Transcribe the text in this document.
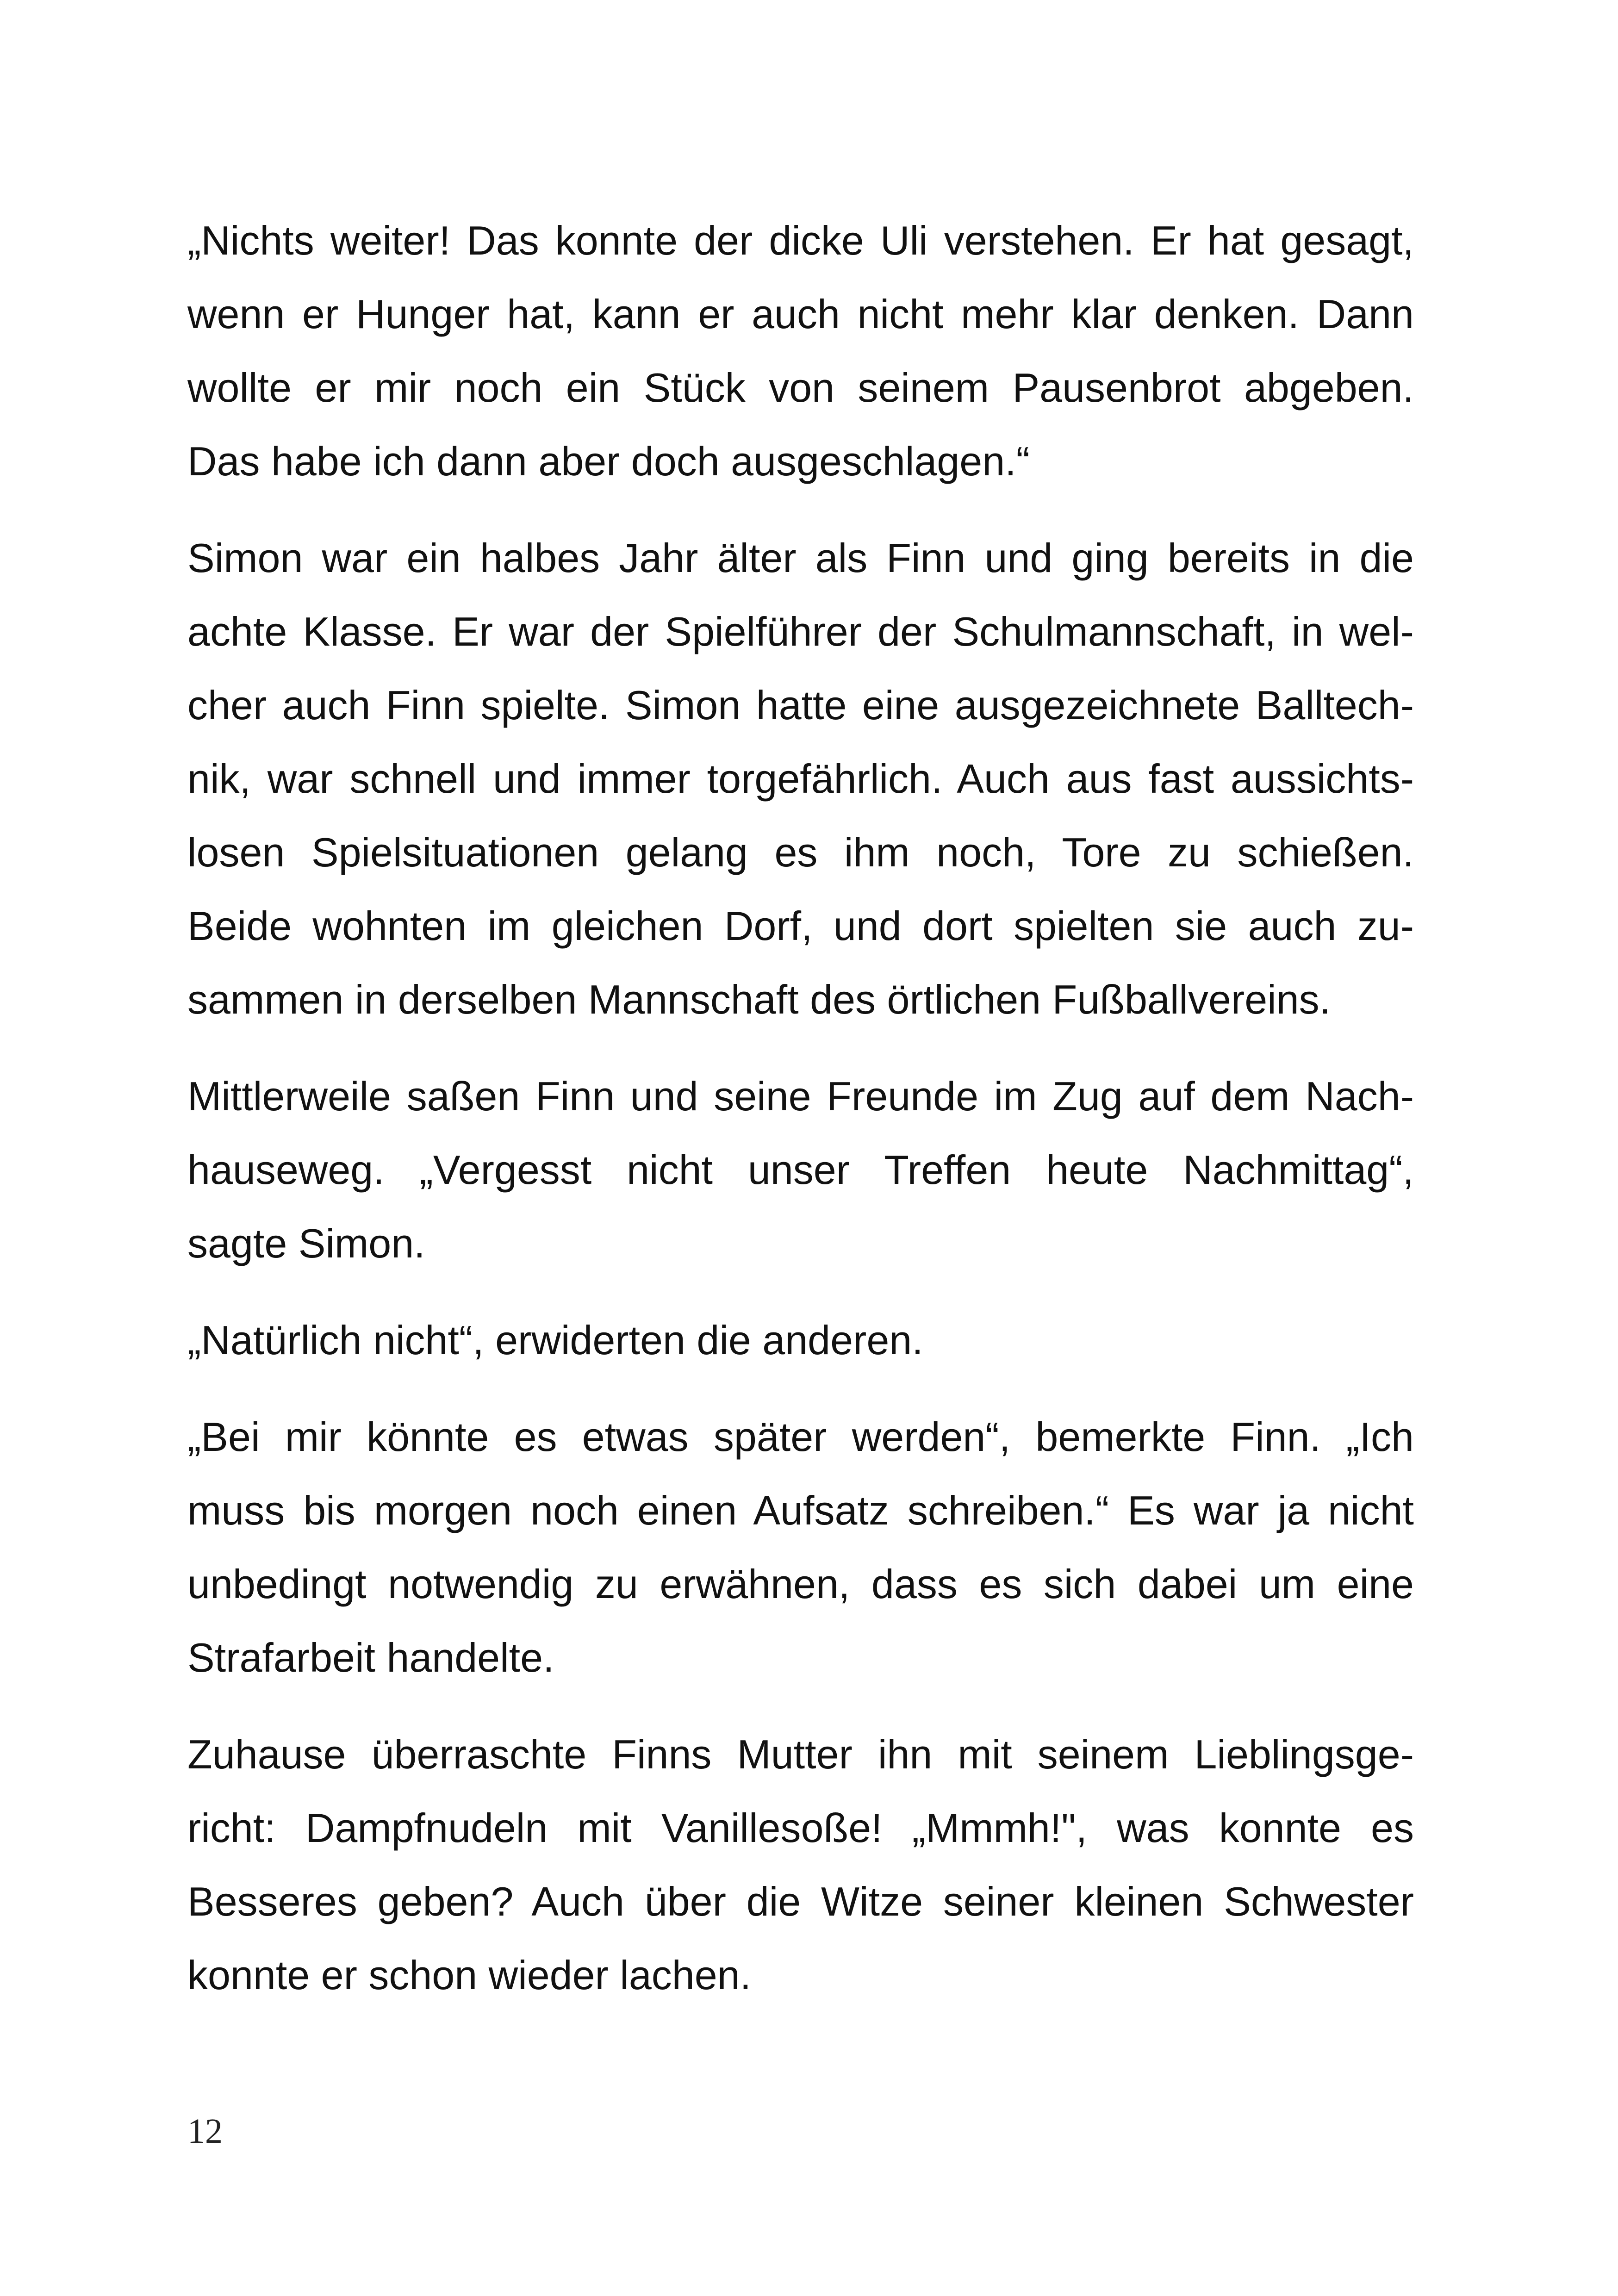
„Nichts weiter! Das konnte der dicke Uli verstehen. Er hat gesagt,
wenn er Hunger hat, kann er auch nicht mehr klar denken. Dann
wollte er mir noch ein Stück von seinem Pausenbrot abgeben.
Das habe ich dann aber doch ausgeschlagen.“

Simon war ein halbes Jahr älter als Finn und ging bereits in die
achte Klasse. Er war der Spielführer der Schulmannschaft, in wel-
cher auch Finn spielte. Simon hatte eine ausgezeichnete Balltech-
nik, war schnell und immer torgefährlich. Auch aus fast aussichts-
losen Spielsituationen gelang es ihm noch, Tore zu schießen.
Beide wohnten im gleichen Dorf, und dort spielten sie auch zu-
sammen in derselben Mannschaft des örtlichen Fußballvereins.

Mittlerweile saßen Finn und seine Freunde im Zug auf dem Nach-
hauseweg. „Vergesst nicht unser Treffen heute Nachmittag“,
sagte Simon.

„Natürlich nicht“, erwiderten die anderen.

„Bei mir könnte es etwas später werden“, bemerkte Finn. „Ich
muss bis morgen noch einen Aufsatz schreiben.“ Es war ja nicht
unbedingt notwendig zu erwähnen, dass es sich dabei um eine
Strafarbeit handelte.

Zuhause überraschte Finns Mutter ihn mit seinem Lieblingsge-
richt: Dampfnudeln mit Vanillesoße! „Mmmh!", was konnte es
Besseres geben? Auch über die Witze seiner kleinen Schwester
konnte er schon wieder lachen.

12
